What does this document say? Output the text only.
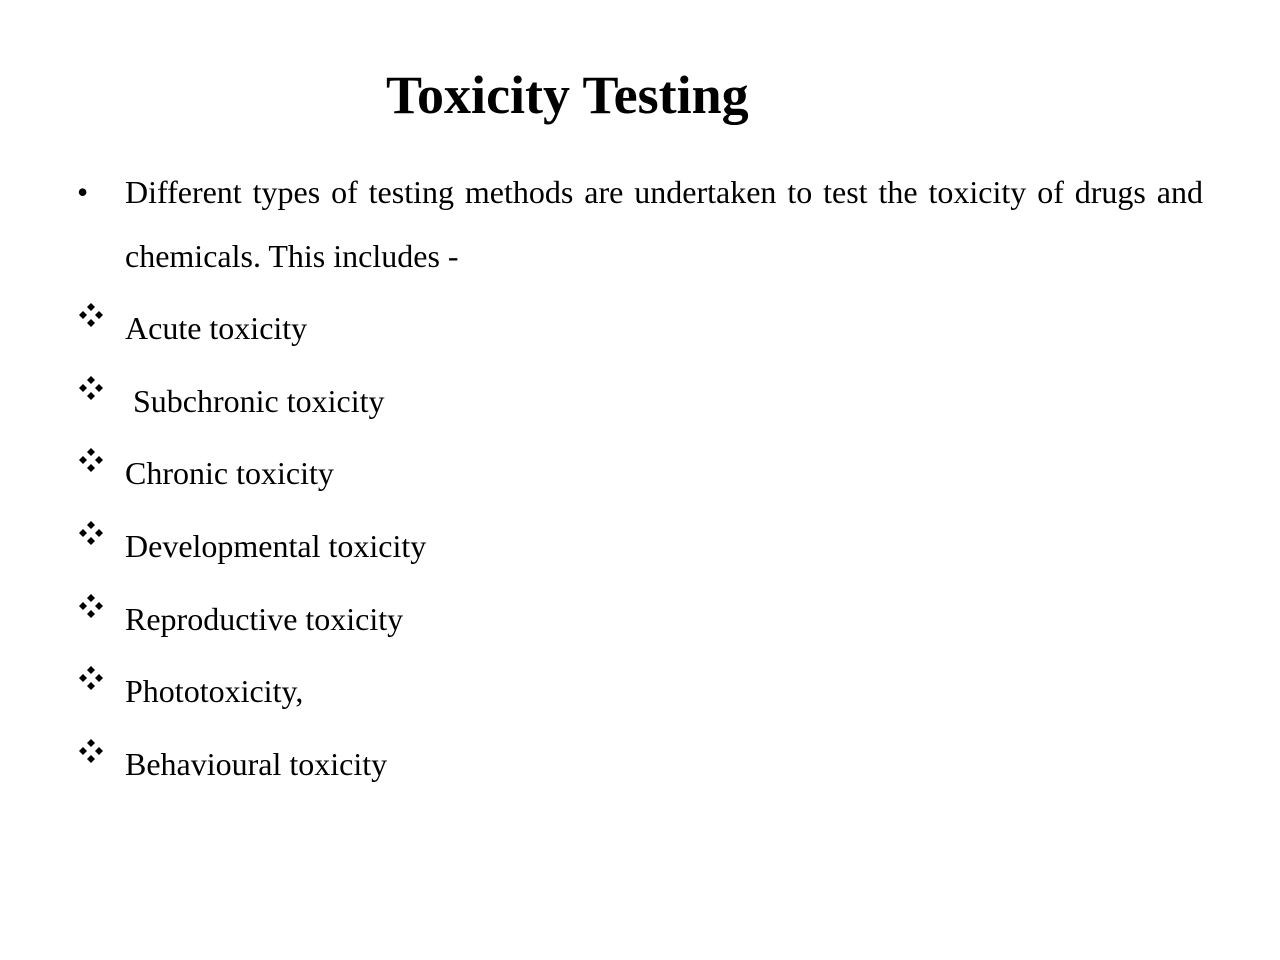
Toxicity Testing
• Different types of testing methods are undertaken to test the toxicity of drugs and chemicals. This includes -

Acute toxicity
Subchronic toxicity
Chronic toxicity
Developmental toxicity
Reproductive toxicity
Phototoxicity,
Behavioural toxicity
